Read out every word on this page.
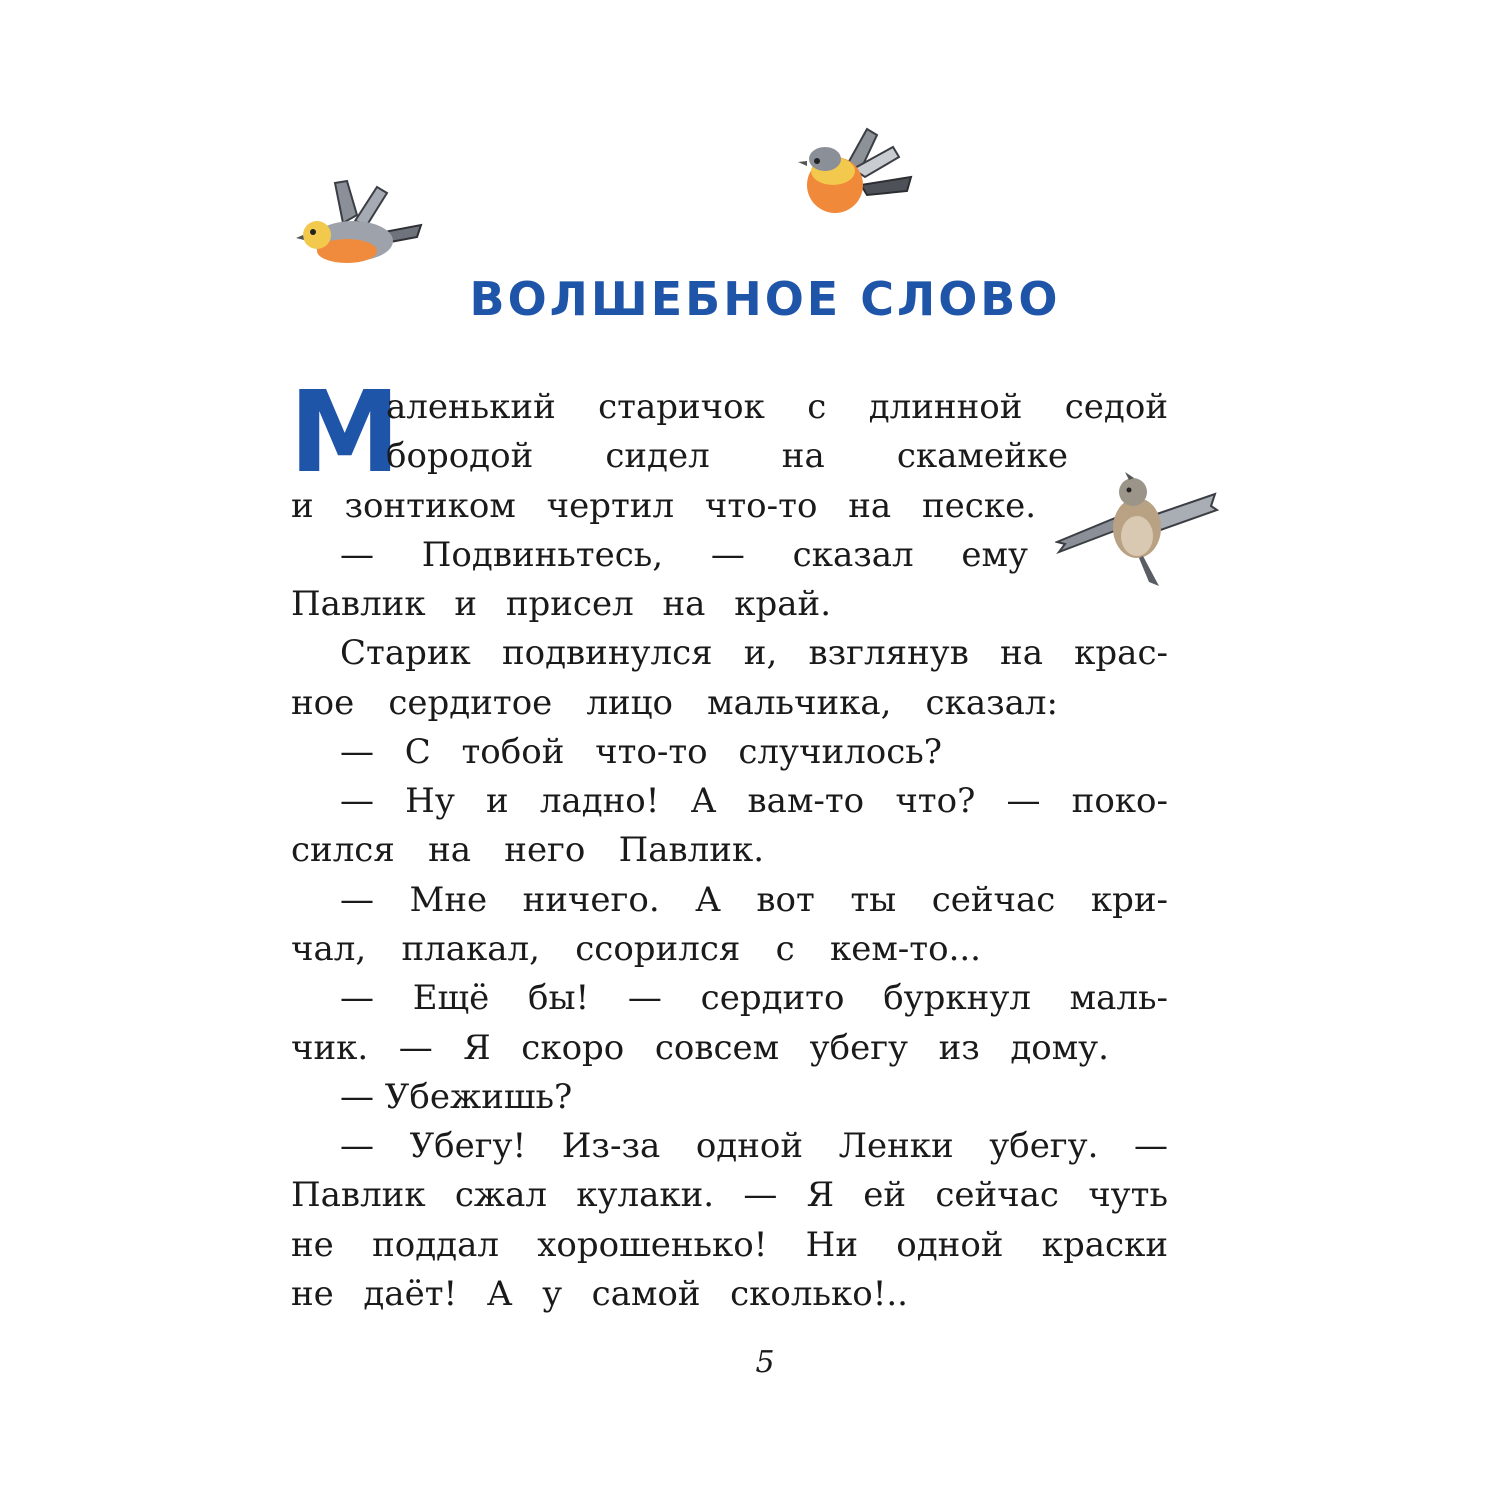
ВОЛШЕБНОЕ СЛОВО
М
аленький старичок с длинной седой
бородой сидел на скамейке
и зонтиком чертил что-то на песке.
— Подвиньтесь, — сказал ему
Павлик и присел на край.
Старик подвинулся и, взглянув на крас-
ное сердитое лицо мальчика, сказал:
— С тобой что-то случилось?
— Ну и ладно! А вам-то что? — поко-
сился на него Павлик.
— Мне ничего. А вот ты сейчас кри-
чал, плакал, ссорился с кем-то...
— Ещё бы! — сердито буркнул маль-
чик. — Я скоро совсем убегу из дому.
— Убежишь?
— Убегу! Из-за одной Ленки убегу. —
Павлик сжал кулаки. — Я ей сейчас чуть
не поддал хорошенько! Ни одной краски
не даёт! А у самой сколько!..
5
